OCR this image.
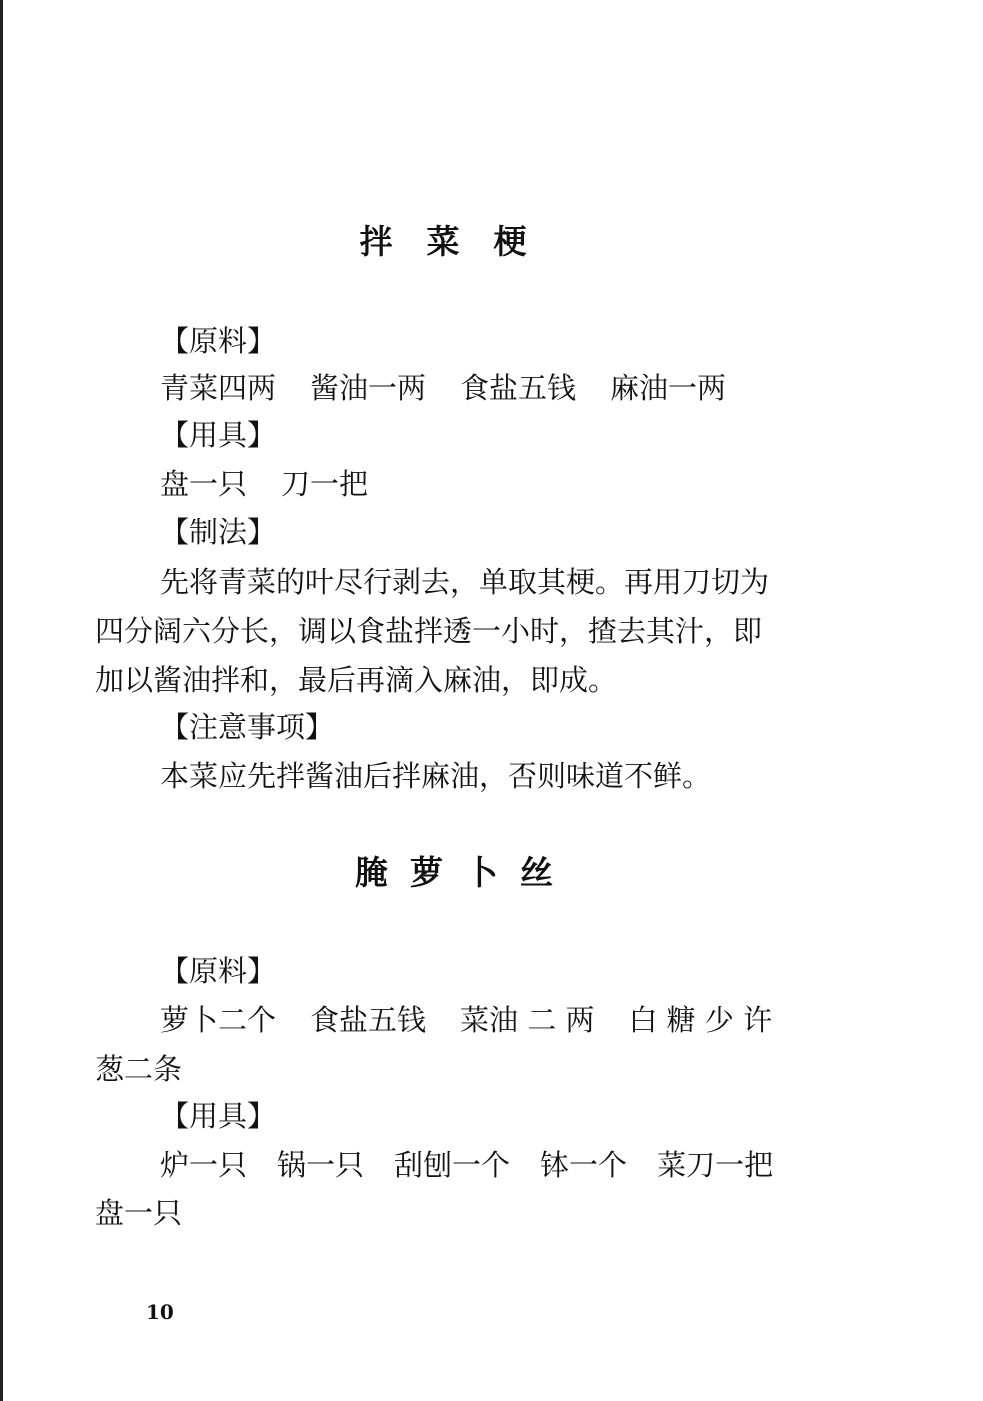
拌菜梗
【原料】
青菜四两 酱油一两 食盐五钱 麻油一两
【用具】
盘一只 刀一把
【制法】
先将青菜的叶尽行剥去，单取其梗。再用刀切为
四分阔六分长，调以食盐拌透一小时，揸去其汁，即
加以酱油拌和，最后再滴入麻油，即成。
【注意事项】
本菜应先拌酱油后拌麻油，否则味道不鲜。
腌萝卜丝
【原料】
萝卜二个 食盐五钱 菜油 二 两 白 糖 少 许
葱二条
【用具】
炉一只 锅一只 刮刨一个 钵一个 菜刀一把
盘一只
10
